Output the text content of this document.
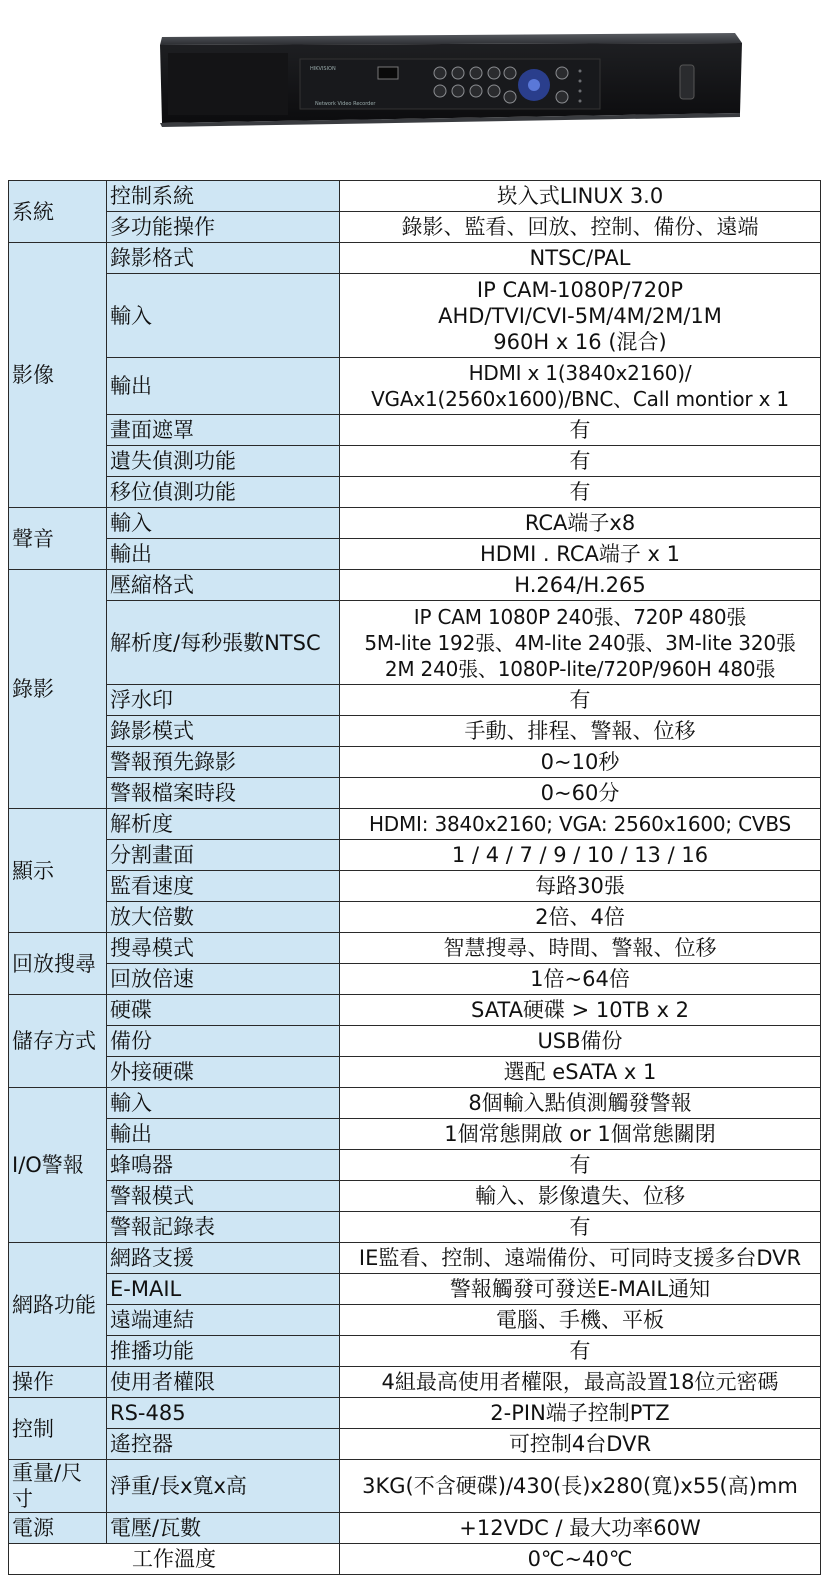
HIKVISION
Network Video Recorder
系統	控制系統	崁入式LINUX 3.0
	多功能操作	錄影、監看、回放、控制、備份、遠端
影像	錄影格式	NTSC/PAL
	輸入	IP CAM-1080P/720P
AHD/TVI/CVI-5M/4M/2M/1M
960H x 16 (混合)
	輸出	HDMI x 1(3840x2160)/
VGAx1(2560x1600)/BNC、Call montior x 1
	畫面遮罩	有
	遺失偵測功能	有
	移位偵測功能	有
聲音	輸入	RCA端子x8
	輸出	HDMI . RCA端子 x 1
錄影	壓縮格式	H.264/H.265
	解析度/每秒張數NTSC	IP CAM 1080P 240張、720P 480張
5M-lite 192張、4M-lite 240張、3M-lite 320張
2M 240張、1080P-lite/720P/960H 480張
	浮水印	有
	錄影模式	手動、排程、警報、位移
	警報預先錄影	0~10秒
	警報檔案時段	0~60分
顯示	解析度	HDMI: 3840x2160; VGA: 2560x1600; CVBS
	分割畫面	1 / 4 / 7 / 9 / 10 / 13 / 16
	監看速度	每路30張
	放大倍數	2倍、4倍
回放搜尋	搜尋模式	智慧搜尋、時間、警報、位移
	回放倍速	1倍~64倍
儲存方式	硬碟	SATA硬碟 > 10TB x 2
	備份	USB備份
	外接硬碟	選配 eSATA x 1
I/O警報	輸入	8個輸入點偵測觸發警報
	輸出	1個常態開啟 or 1個常態關閉
	蜂鳴器	有
	警報模式	輸入、影像遺失、位移
	警報記錄表	有
網路功能	網路支援	IE監看、控制、遠端備份、可同時支援多台DVR
	E-MAIL	警報觸發可發送E-MAIL通知
	遠端連結	電腦、手機、平板
	推播功能	有
操作	使用者權限	4組最高使用者權限，最高設置18位元密碼
控制	RS-485	2-PIN端子控制PTZ
	遙控器	可控制4台DVR
重量/尺寸	淨重/長x寬x高	3KG(不含硬碟)/430(長)x280(寬)x55(高)mm
電源	電壓/瓦數	+12VDC / 最大功率60W
工作溫度		0℃~40℃
